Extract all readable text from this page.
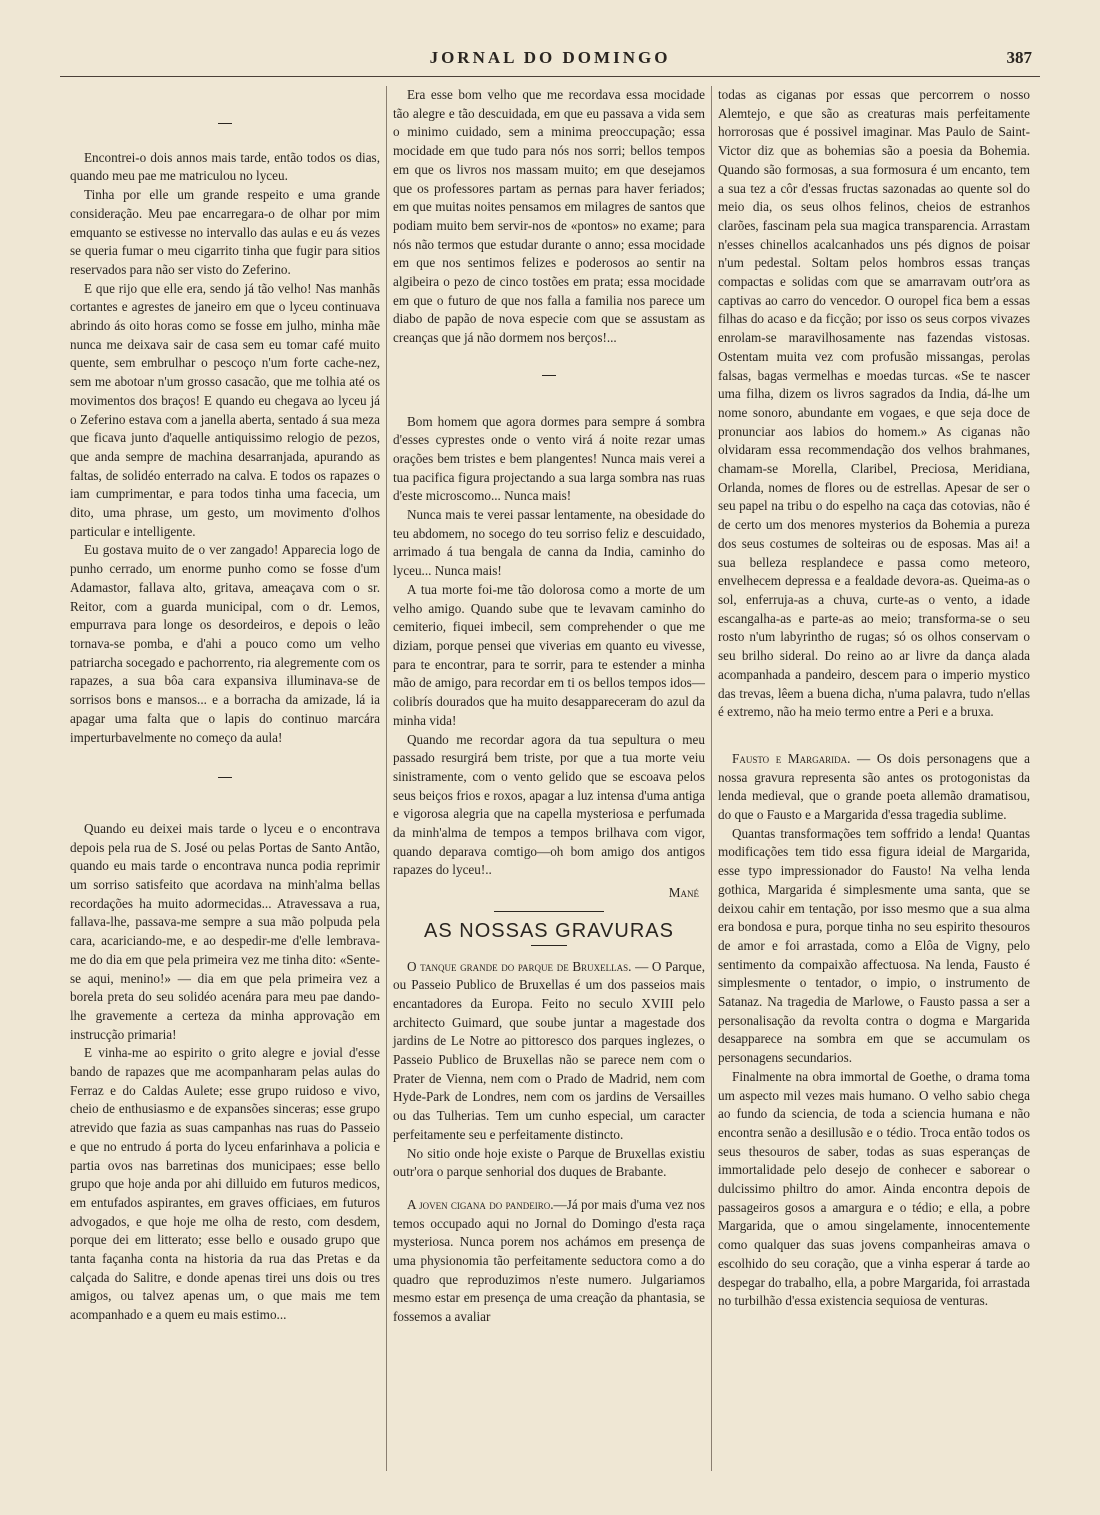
JORNAL DO DOMINGO	387

Encontrei-o dois annos mais tarde, então todos os dias, quando meu pae me matriculou no lyceu.

Tinha por elle um grande respeito e uma grande consideração. Meu pae encarregara-o de olhar por mim emquanto se estivesse no intervallo das aulas e eu ás vezes se queria fumar o meu cigarrito tinha que fugir para sitios reservados para não ser visto do Zeferino.

E que rijo que elle era, sendo já tão velho! Nas manhãs cortantes e agrestes de janeiro em que o lyceu continuava abrindo ás oito horas como se fosse em julho, minha mãe nunca me deixava sair de casa sem eu tomar café muito quente, sem embrulhar o pescoço n'um forte cache-nez, sem me abotoar n'um grosso casacão, que me tolhia até os movimentos dos braços! E quando eu chegava ao lyceu já o Zeferino estava com a janella aberta, sentado á sua meza que ficava junto d'aquelle antiquissimo relogio de pezos, que anda sempre de machina desarranjada, apurando as faltas, de solidéo enterrado na calva. E todos os rapazes o iam cumprimentar, e para todos tinha uma facecia, um dito, uma phrase, um gesto, um movimento d'olhos particular e intelligente.

Eu gostava muito de o ver zangado! Apparecia logo de punho cerrado, um enorme punho como se fosse d'um Adamastor, fallava alto, gritava, ameaçava com o sr. Reitor, com a guarda municipal, com o dr. Lemos, empurrava para longe os desordeiros, e depois o leão tornava-se pomba, e d'ahi a pouco como um velho patriarcha socegado e pachorrento, ria alegremente com os rapazes, a sua bôa cara expansiva illuminava-se de sorrisos bons e mansos... e a borracha da amizade, lá ia apagar uma falta que o lapis do continuo marcára imperturbavelmente no começo da aula!

Quando eu deixei mais tarde o lyceu e o encontrava depois pela rua de S. José ou pelas Portas de Santo Antão, quando eu mais tarde o encontrava nunca podia reprimir um sorriso satisfeito que acordava na minh'alma bellas recordações ha muito adormecidas... Atravessava a rua, fallava-lhe, passava-me sempre a sua mão polpuda pela cara, acariciando-me, e ao despedir-me d'elle lembrava-me do dia em que pela primeira vez me tinha dito: «Sente-se aqui, menino!» — dia em que pela primeira vez a borela preta do seu solidéo acenára para meu pae dando-lhe gravemente a certeza da minha approvação em instrucção primaria!

E vinha-me ao espirito o grito alegre e jovial d'esse bando de rapazes que me acompanharam pelas aulas do Ferraz e do Caldas Aulete; esse grupo ruidoso e vivo, cheio de enthusiasmo e de expansões sinceras; esse grupo atrevido que fazia as suas campanhas nas ruas do Passeio e que no entrudo á porta do lyceu enfarinhava a policia e partia ovos nas barretinas dos municipaes; esse bello grupo que hoje anda por ahi dilluido em futuros medicos, em entufados aspirantes, em graves officiaes, em futuros advogados, e que hoje me olha de resto, com desdem, porque dei em litterato; esse bello e ousado grupo que tanta façanha conta na historia da rua das Pretas e da calçada do Salitre, e donde apenas tirei uns dois ou tres amigos, ou talvez apenas um, o que mais me tem acompanhado e a quem eu mais estimo...

Era esse bom velho que me recordava essa mocidade tão alegre e tão descuidada, em que eu passava a vida sem o minimo cuidado, sem a minima preoccupação; essa mocidade em que tudo para nós nos sorri; bellos tempos em que os livros nos massam muito; em que desejamos que os professores partam as pernas para haver feriados; em que muitas noites pensamos em milagres de santos que podiam muito bem servir-nos de «pontos» no exame; para nós não termos que estudar durante o anno; essa mocidade em que nos sentimos felizes e poderosos ao sentir na algibeira o pezo de cinco tostões em prata; essa mocidade em que o futuro de que nos falla a familia nos parece um diabo de papão de nova especie com que se assustam as creanças que já não dormem nos berços!...

Bom homem que agora dormes para sempre á sombra d'esses cyprestes onde o vento virá á noite rezar umas orações bem tristes e bem plangentes! Nunca mais verei a tua pacifica figura projectando a sua larga sombra nas ruas d'este microscomo... Nunca mais!

Nunca mais te verei passar lentamente, na obesidade do teu abdomem, no socego do teu sorriso feliz e descuidado, arrimado á tua bengala de canna da India, caminho do lyceu... Nunca mais!

A tua morte foi-me tão dolorosa como a morte de um velho amigo. Quando sube que te levavam caminho do cemiterio, fiquei imbecil, sem comprehender o que me diziam, porque pensei que viverias em quanto eu vivesse, para te encontrar, para te sorrir, para te estender a minha mão de amigo, para recordar em ti os bellos tempos idos—colibrís dourados que ha muito desappareceram do azul da minha vida!

Quando me recordar agora da tua sepultura o meu passado resurgirá bem triste, por que a tua morte veiu sinistramente, com o vento gelido que se escoava pelos seus beiços frios e roxos, apagar a luz intensa d'uma antiga e vigorosa alegria que na capella mysteriosa e perfumada da minh'alma de tempos a tempos brilhava com vigor, quando deparava comtigo—oh bom amigo dos antigos rapazes do lyceu!..

Mané
AS NOSSAS GRAVURAS

O tanque grande do parque de Bruxellas. — O Parque, ou Passeio Publico de Bruxellas é um dos passeios mais encantadores da Europa. Feito no seculo XVIII pelo architecto Guimard, que soube juntar a magestade dos jardins de Le Notre ao pittoresco dos parques inglezes, o Passeio Publico de Bruxellas não se parece nem com o Prater de Vienna, nem com o Prado de Madrid, nem com Hyde-Park de Londres, nem com os jardins de Versailles ou das Tulherias. Tem um cunho especial, um caracter perfeitamente seu e perfeitamente distincto.

No sitio onde hoje existe o Parque de Bruxellas existiu outr'ora o parque senhorial dos duques de Brabante.

A joven cigana do pandeiro.—Já por mais d'uma vez nos temos occupado aqui no Jornal do Domingo d'esta raça mysteriosa. Nunca porem nos achámos em presença de uma physionomia tão perfeitamente seductora como a do quadro que reproduzimos n'este numero. Julgariamos mesmo estar em presença de uma creação da phantasia, se fossemos a avaliar

todas as ciganas por essas que percorrem o nosso Alemtejo, e que são as creaturas mais perfeitamente horrorosas que é possivel imaginar. Mas Paulo de Saint-Victor diz que as bohemias são a poesia da Bohemia. Quando são formosas, a sua formosura é um encanto, tem a sua tez a côr d'essas fructas sazonadas ao quente sol do meio dia, os seus olhos felinos, cheios de estranhos clarões, fascinam pela sua magica transparencia. Arrastam n'esses chinellos acalcanhados uns pés dignos de poisar n'um pedestal. Soltam pelos hombros essas tranças compactas e solidas com que se amarravam outr'ora as captivas ao carro do vencedor. O ouropel fica bem a essas filhas do acaso e da ficção; por isso os seus corpos vivazes enrolam-se maravilhosamente nas fazendas vistosas. Ostentam muita vez com profusão missangas, perolas falsas, bagas vermelhas e moedas turcas. «Se te nascer uma filha, dizem os livros sagrados da India, dá-lhe um nome sonoro, abundante em vogaes, e que seja doce de pronunciar aos labios do homem.» As ciganas não olvidaram essa recommendação dos velhos brahmanes, chamam-se Morella, Claribel, Preciosa, Meridiana, Orlanda, nomes de flores ou de estrellas. Apesar de ser o seu papel na tribu o do espelho na caça das cotovias, não é de certo um dos menores mysterios da Bohemia a pureza dos seus costumes de solteiras ou de esposas. Mas ai! a sua belleza resplandece e passa como meteoro, envelhecem depressa e a fealdade devora-as. Queima-as o sol, enferruja-as a chuva, curte-as o vento, a idade escangalha-as e parte-as ao meio; transforma-se o seu rosto n'um labyrintho de rugas; só os olhos conservam o seu brilho sideral. Do reino ao ar livre da dança alada acompanhada a pandeiro, descem para o imperio mystico das trevas, lêem a buena dicha, n'uma palavra, tudo n'ellas é extremo, não ha meio termo entre a Peri e a bruxa.

Fausto e Margarida. — Os dois personagens que a nossa gravura representa são antes os protogonistas da lenda medieval, que o grande poeta allemão dramatisou, do que o Fausto e a Margarida d'essa tragedia sublime.

Quantas transformações tem soffrido a lenda! Quantas modificações tem tido essa figura ideial de Margarida, esse typo impressionador do Fausto! Na velha lenda gothica, Margarida é simplesmente uma santa, que se deixou cahir em tentação, por isso mesmo que a sua alma era bondosa e pura, porque tinha no seu espirito thesouros de amor e foi arrastada, como a Elôa de Vigny, pelo sentimento da compaixão affectuosa. Na lenda, Fausto é simplesmente o tentador, o impio, o instrumento de Satanaz. Na tragedia de Marlowe, o Fausto passa a ser a personalisação da revolta contra o dogma e Margarida desapparece na sombra em que se accumulam os personagens secundarios.

Finalmente na obra immortal de Goethe, o drama toma um aspecto mil vezes mais humano. O velho sabio chega ao fundo da sciencia, de toda a sciencia humana e não encontra senão a desillusão e o tédio. Troca então todos os seus thesouros de saber, todas as suas esperanças de immortalidade pelo desejo de conhecer e saborear o dulcissimo philtro do amor. Ainda encontra depois de passageiros gosos a amargura e o tédio; e ella, a pobre Margarida, que o amou singelamente, innocentemente como qualquer das suas jovens companheiras amava o escolhido do seu coração, que a vinha esperar á tarde ao despegar do trabalho, ella, a pobre Margarida, foi arrastada no turbilhão d'essa existencia sequiosa de venturas.
